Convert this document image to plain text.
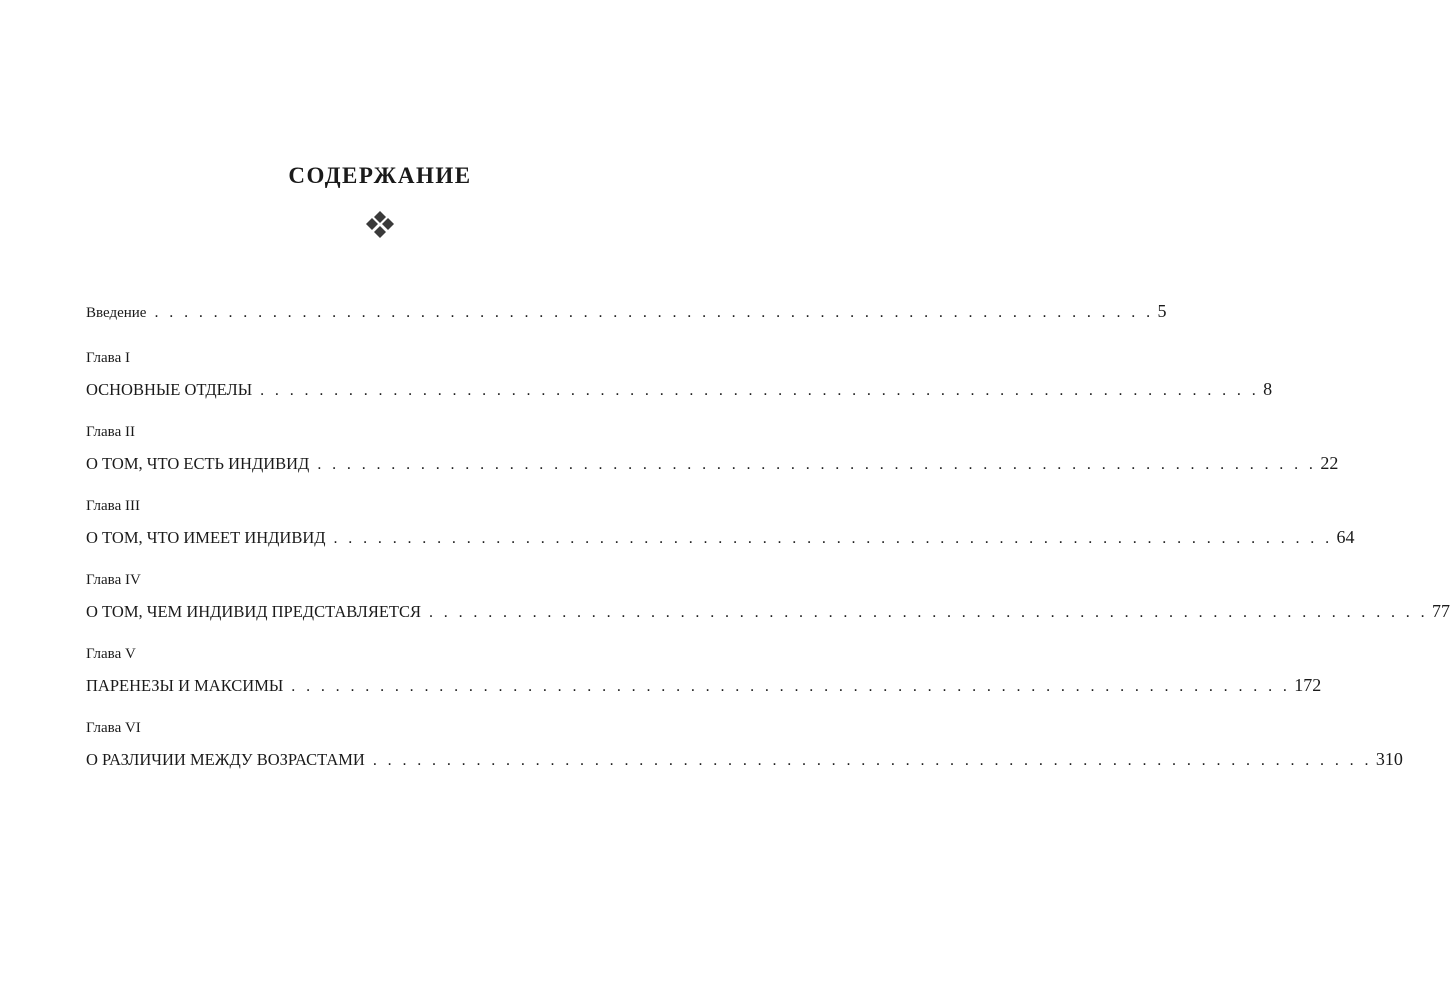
СОДЕРЖАНИЕ
Введение . . . . . . . . . . . . . . . . . . . . . . . . . . . . . . . . . . . . . . . . . . . . . . . . . . . . . . . . . . . . . . . . . . . . 5
Глава I
ОСНОВНЫЕ ОТДЕЛЫ . . . . . . . . . . . . . . . . . . . . . . . . . . . . . . . . . . . . . . . . . . . . . . . . . . . . . . . . . . . . . . . . . . . . 8
Глава II
О ТОМ, ЧТО ЕСТЬ ИНДИВИД . . . . . . . . . . . . . . . . . . . . . . . . . . . . . . . . . . . . . . . . . . . . . . . . . . . . . . . . . . . . . . . . . . . . 22
Глава III
О ТОМ, ЧТО ИМЕЕТ ИНДИВИД . . . . . . . . . . . . . . . . . . . . . . . . . . . . . . . . . . . . . . . . . . . . . . . . . . . . . . . . . . . . . . . . . . . . 64
Глава IV
О ТОМ, ЧЕМ ИНДИВИД ПРЕДСТАВЛЯЕТСЯ . . . . . . . . . . . . . . . . . . . . . . . . . . . . . . . . . . . . . . . . . . . . . . . . . . . . . . . . . . . . . . . . . . . . 77
Глава V
ПАРЕНЕЗЫ И МАКСИМЫ . . . . . . . . . . . . . . . . . . . . . . . . . . . . . . . . . . . . . . . . . . . . . . . . . . . . . . . . . . . . . . . . . . . . 172
Глава VI
О РАЗЛИЧИИ МЕЖДУ ВОЗРАСТАМИ . . . . . . . . . . . . . . . . . . . . . . . . . . . . . . . . . . . . . . . . . . . . . . . . . . . . . . . . . . . . . . . . . . . . 310
